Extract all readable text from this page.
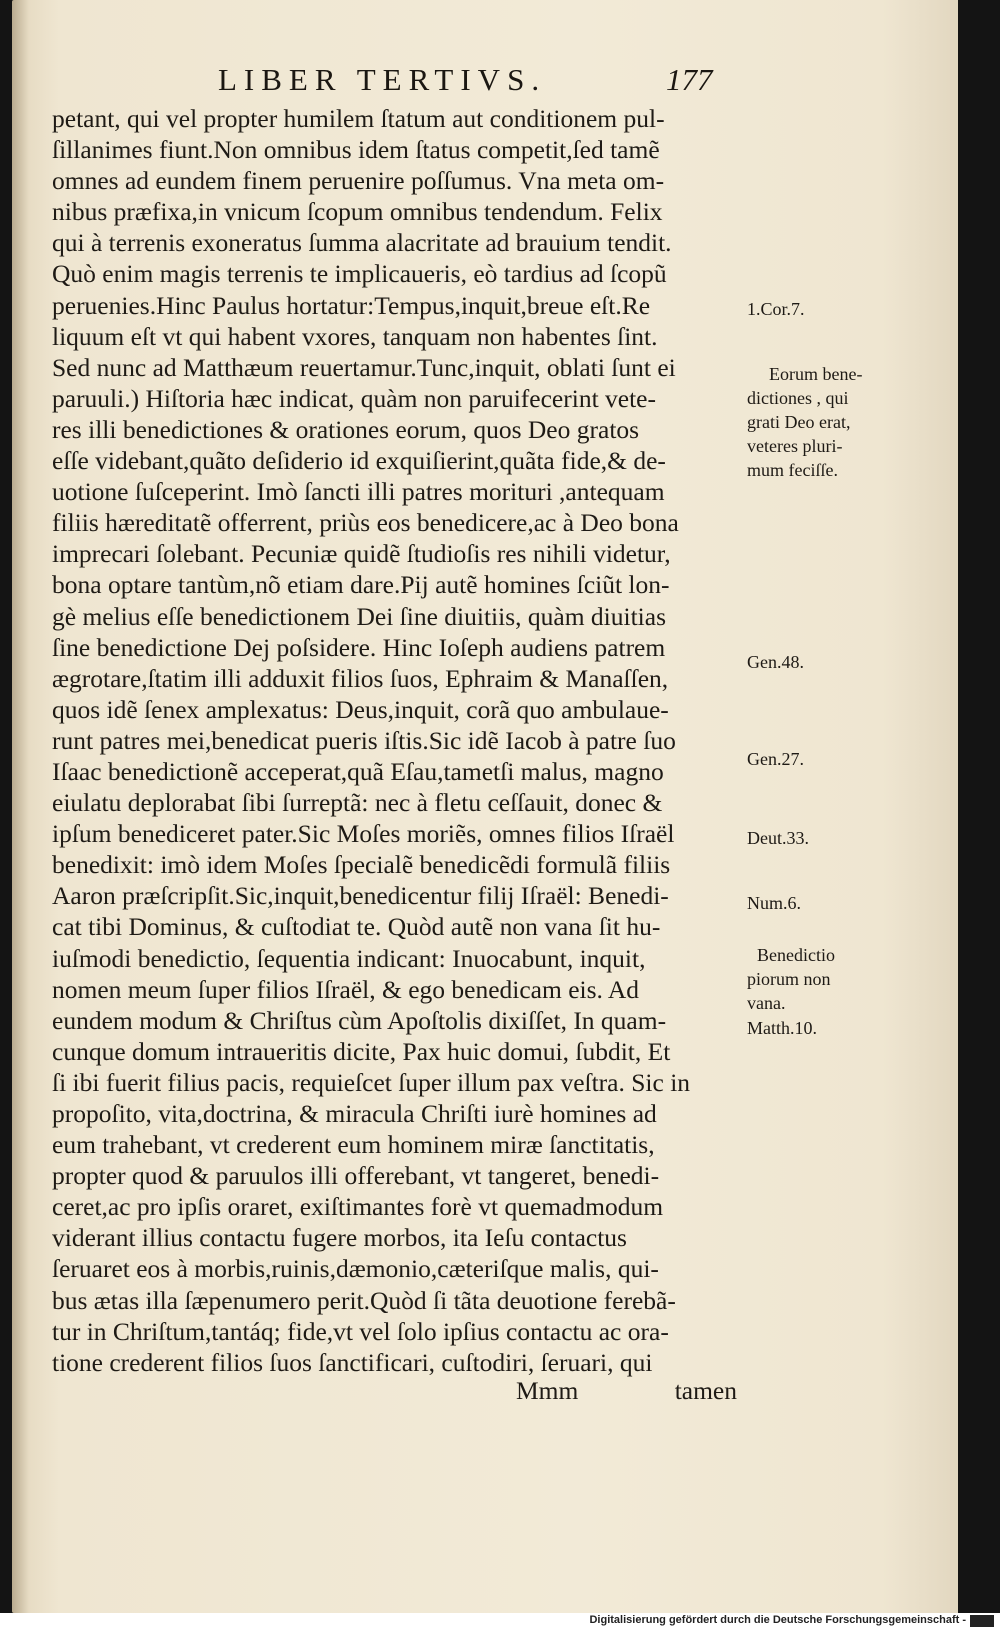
LIBER TERTIVS.	177
petant, qui vel propter humilem ſtatum aut conditionem pul-
ſillanimes fiunt.Non omnibus idem ſtatus competit,ſed tamẽ
omnes ad eundem finem peruenire poſſumus. Vna meta om-
nibus præfixa,in vnicum ſcopum omnibus tendendum. Felix
qui à terrenis exoneratus ſumma alacritate ad brauium tendit.
Quò enim magis terrenis te implicaueris, eò tardius ad ſcopũ
peruenies.Hinc Paulus hortatur:Tempus,inquit,breue eſt.Re
liquum eſt vt qui habent vxores, tanquam non habentes ſint.
Sed nunc ad Matthæum reuertamur.Tunc,inquit, oblati ſunt ei
paruuli.) Hiſtoria hæc indicat, quàm non paruifecerint vete-
res illi benedictiones & orationes eorum, quos Deo gratos
eſſe videbant,quãto deſiderio id exquiſierint,quãta fide,& de-
uotione ſuſceperint. Imò ſancti illi patres morituri ,antequam
filiis hæreditatẽ offerrent, priùs eos benedicere,ac à Deo bona
imprecari ſolebant. Pecuniæ quidẽ ſtudioſis res nihili videtur,
bona optare tantùm,nõ etiam dare.Pij autẽ homines ſciũt lon-
gè melius eſſe benedictionem Dei ſine diuitiis, quàm diuitias
ſine benedictione Dej poſsidere. Hinc Ioſeph audiens patrem
ægrotare,ſtatim illi adduxit filios ſuos, Ephraim & Manaſſen,
quos idẽ ſenex amplexatus: Deus,inquit, corã quo ambulaue-
runt patres mei,benedicat pueris iſtis.Sic idẽ Iacob à patre ſuo
Iſaac benedictionẽ acceperat,quã Eſau,tametſi malus, magno
eiulatu deplorabat ſibi ſurreptã: nec à fletu ceſſauit, donec &
ipſum benediceret pater.Sic Moſes moriẽs, omnes filios Iſraël
benedixit: imò idem Moſes ſpecialẽ benedicẽdi formulã filiis
Aaron præſcripſit.Sic,inquit,benedicentur filij Iſraël: Benedi-
cat tibi Dominus, & cuſtodiat te. Quòd autẽ non vana ſit hu-
iuſmodi benedictio, ſequentia indicant: Inuocabunt, inquit,
nomen meum ſuper filios Iſraël, & ego benedicam eis. Ad
eundem modum & Chriſtus cùm Apoſtolis dixiſſet, In quam-
cunque domum intraueritis dicite, Pax huic domui, ſubdit, Et
ſi ibi fuerit filius pacis, requieſcet ſuper illum pax veſtra. Sic in
propoſito, vita,doctrina, & miracula Chriſti iurè homines ad
eum trahebant, vt crederent eum hominem miræ ſanctitatis,
propter quod & paruulos illi offerebant, vt tangeret, benedi-
ceret,ac pro ipſis oraret, exiſtimantes forè vt quemadmodum
viderant illius contactu fugere morbos, ita Ieſu contactus
ſeruaret eos à morbis,ruinis,dæmonio,cæteriſque malis, qui-
bus ætas illa ſæpenumero perit.Quòd ſi tãta deuotione ferebã-
tur in Chriſtum,tantáq; fide,vt vel ſolo ipſius contactu ac ora-
tione crederent filios ſuos ſanctificari, cuſtodiri, ſeruari, qui
Mmm	tamen
1.Cor.7.
Eorum bene-
dictiones , qui
grati Deo erat,
veteres pluri-
mum feciſſe.
Gen.48.
Gen.27.
Deut.33.
Num.6.
Benedictio
piorum non
vana.
Matth.10.
Digitalisierung gefördert durch die Deutsche Forschungsgemeinschaft -
